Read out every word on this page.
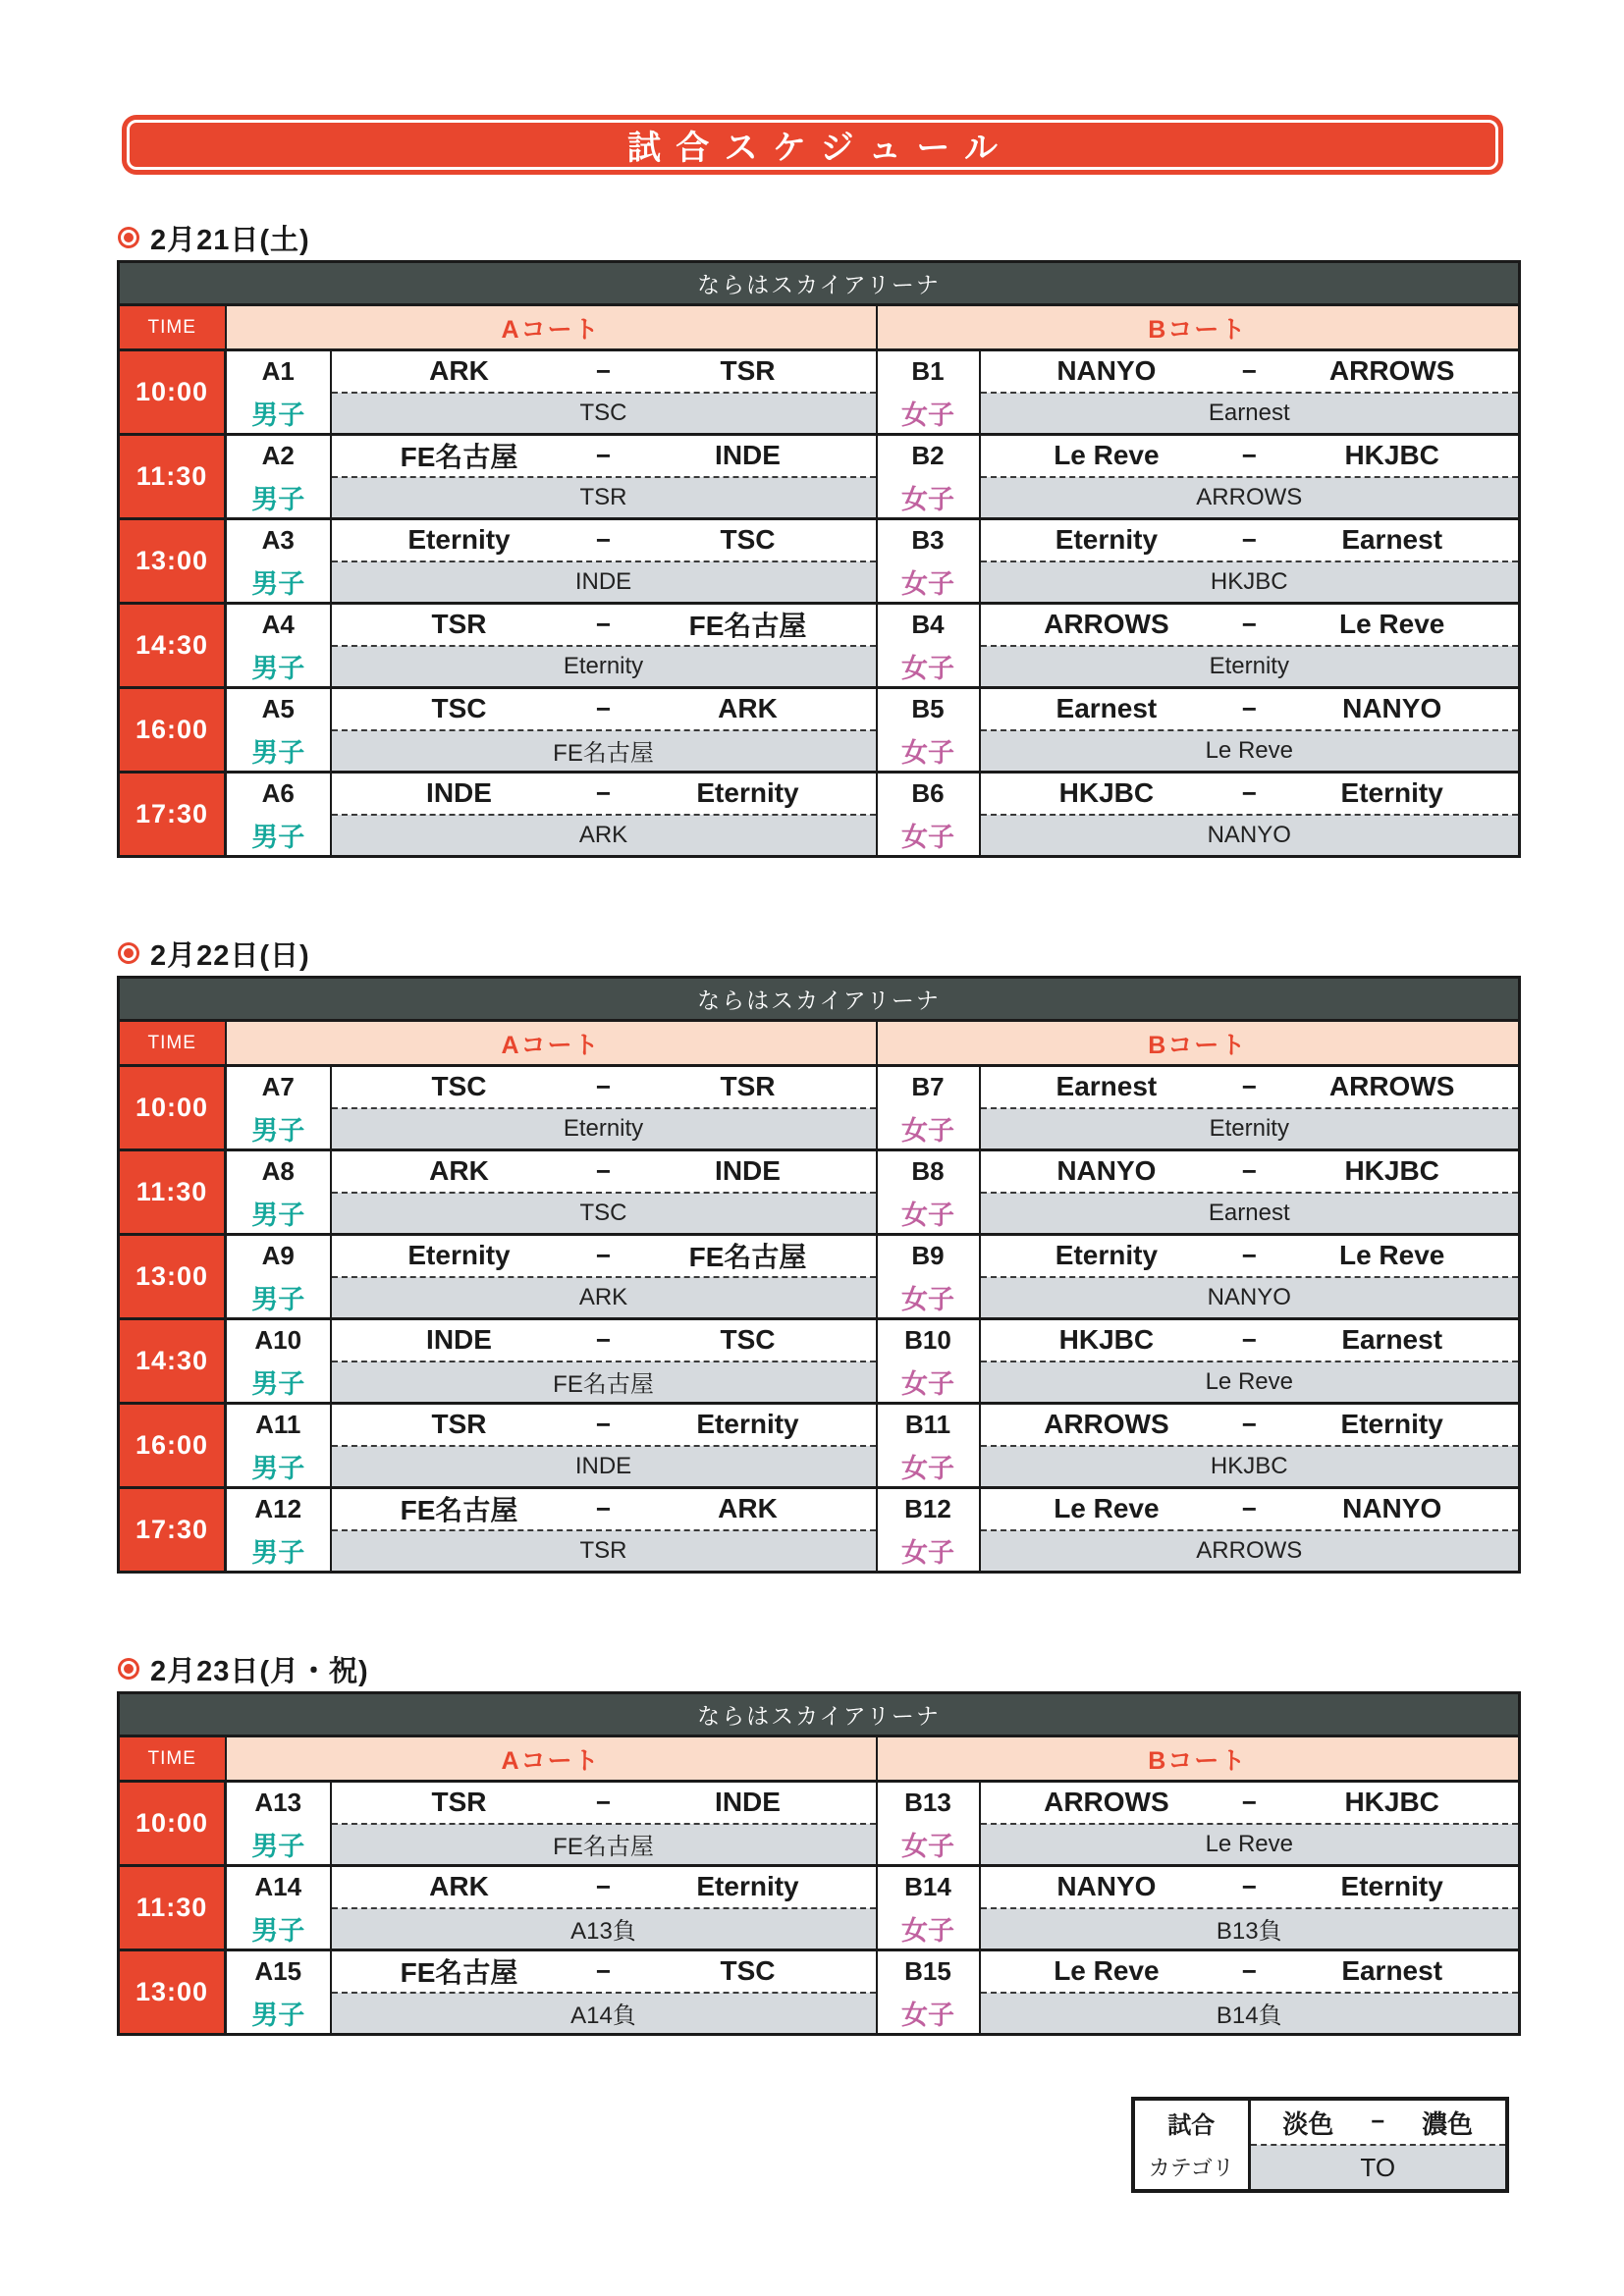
試合スケジュール
2月21日(土)
ならはスカイアリーナ				
TIME	Aコート		Bコート	
10:00	A1	ARK − TSR	B1	NANYO − ARROWS

	男子	TSC	女子	Earnest
11:30	A2	FE名古屋 − INDE	B2	Le Reve − HKJBC

	男子	TSR	女子	ARROWS
13:00	A3	Eternity − TSC	B3	Eternity − Earnest

	男子	INDE	女子	HKJBC
14:30	A4	TSR − FE名古屋	B4	ARROWS − Le Reve

	男子	Eternity	女子	Eternity
16:00	A5	TSC − ARK	B5	Earnest − NANYO

	男子	FE名古屋	女子	Le Reve
17:30	A6	INDE − Eternity	B6	HKJBC − Eternity

	男子	ARK	女子	NANYO
2月22日(日)
ならはスカイアリーナ				
TIME	Aコート		Bコート	
10:00	A7	TSC − TSR	B7	Earnest − ARROWS

	男子	Eternity	女子	Eternity
11:30	A8	ARK − INDE	B8	NANYO − HKJBC

	男子	TSC	女子	Earnest
13:00	A9	Eternity − FE名古屋	B9	Eternity − Le Reve

	男子	ARK	女子	NANYO
14:30	A10	INDE − TSC	B10	HKJBC − Earnest

	男子	FE名古屋	女子	Le Reve
16:00	A11	TSR − Eternity	B11	ARROWS − Eternity

	男子	INDE	女子	HKJBC
17:30	A12	FE名古屋 − ARK	B12	Le Reve − NANYO

	男子	TSR	女子	ARROWS
2月23日(月・祝)
ならはスカイアリーナ				
TIME	Aコート		Bコート	
10:00	A13	TSR − INDE	B13	ARROWS − HKJBC

	男子	FE名古屋	女子	Le Reve
11:30	A14	ARK − Eternity	B14	NANYO − Eternity

	男子	A13負	女子	B13負
13:00	A15	FE名古屋 − TSC	B15	Le Reve − Earnest

	男子	A14負	女子	B14負
試合	淡色 − 濃色

カテゴリ	TO
